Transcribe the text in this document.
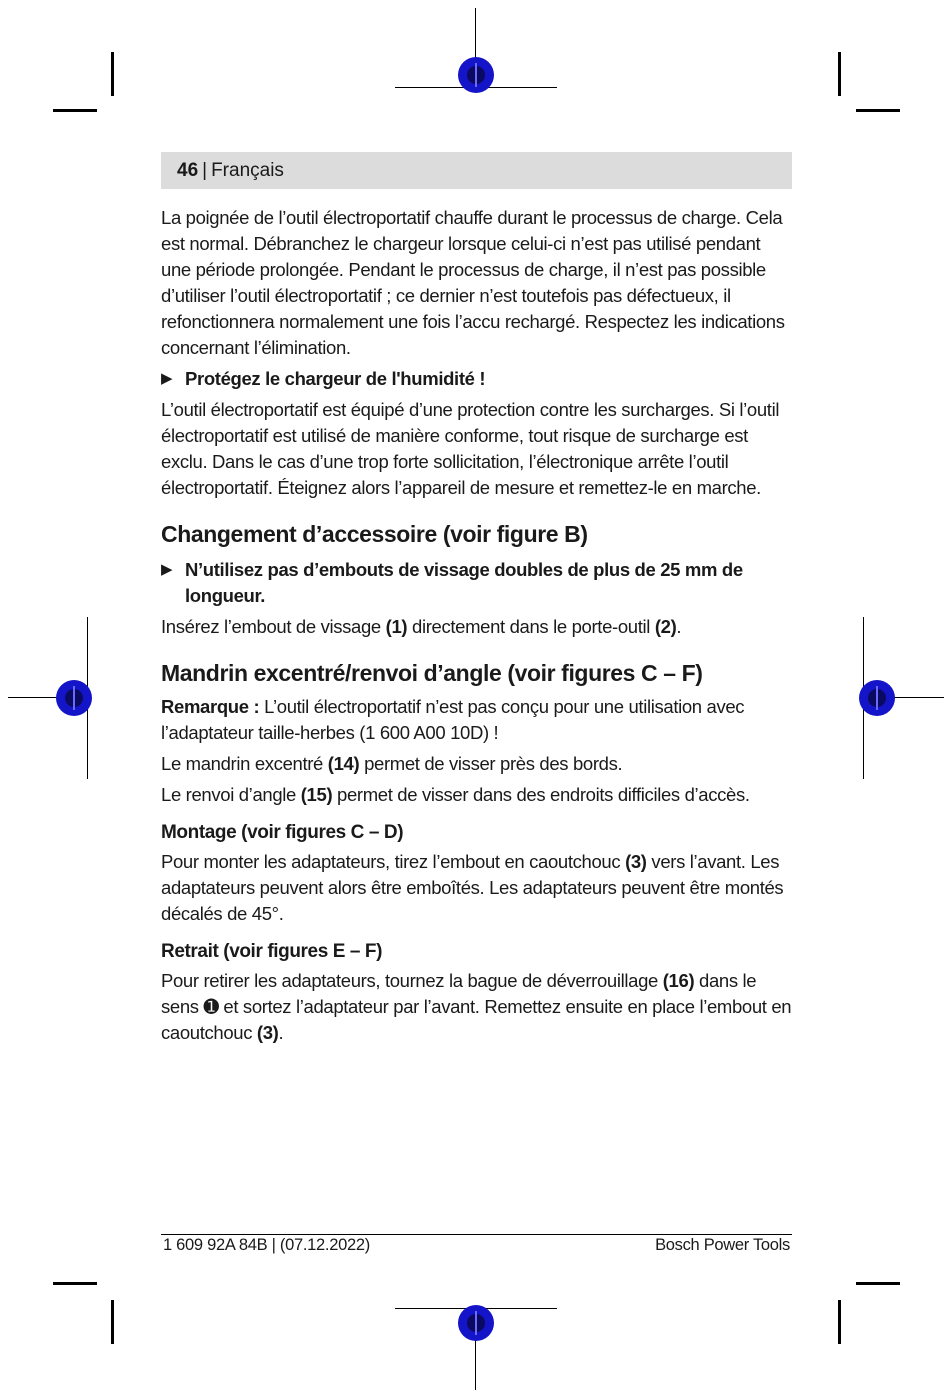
46 | Français

La poignée de l’outil électroportatif chauffe durant le processus de charge. Cela est normal. Débranchez le chargeur lorsque celui-ci n’est pas utilisé pendant une période prolongée. Pendant le processus de charge, il n’est pas possible d’utiliser l’outil électroportatif ; ce dernier n’est toutefois pas défectueux, il refonctionnera normalement une fois l’accu rechargé. Respectez les indications concernant l’élimination.

▶ Protégez le chargeur de l'humidité !

L’outil électroportatif est équipé d’une protection contre les surcharges. Si l’outil électroportatif est utilisé de manière conforme, tout risque de surcharge est exclu. Dans le cas d’une trop forte sollicitation, l’électronique arrête l’outil électroportatif. Éteignez alors l’appareil de mesure et remettez-le en marche.

Changement d’accessoire (voir figure B)
▶ N’utilisez pas d’embouts de vissage doubles de plus de 25 mm de longueur.

Insérez l’embout de vissage (1) directement dans le porte-outil (2).

Mandrin excentré/renvoi d’angle (voir figures C – F)

Remarque : L’outil électroportatif n’est pas conçu pour une utilisation avec l’adaptateur taille-herbes (1 600 A00 10D) !

Le mandrin excentré (14) permet de visser près des bords.

Le renvoi d’angle (15) permet de visser dans des endroits difficiles d’accès.

Montage (voir figures C – D)

Pour monter les adaptateurs, tirez l’embout en caoutchouc (3) vers l’avant. Les adaptateurs peuvent alors être emboîtés. Les adaptateurs peuvent être montés décalés de 45°.

Retrait (voir figures E – F)

Pour retirer les adaptateurs, tournez la bague de déverrouillage (16) dans le sens ➊ et sortez l’adaptateur par l’avant. Remettez ensuite en place l’embout en caoutchouc (3).

1 609 92A 84B | (07.12.2022)	Bosch Power Tools
